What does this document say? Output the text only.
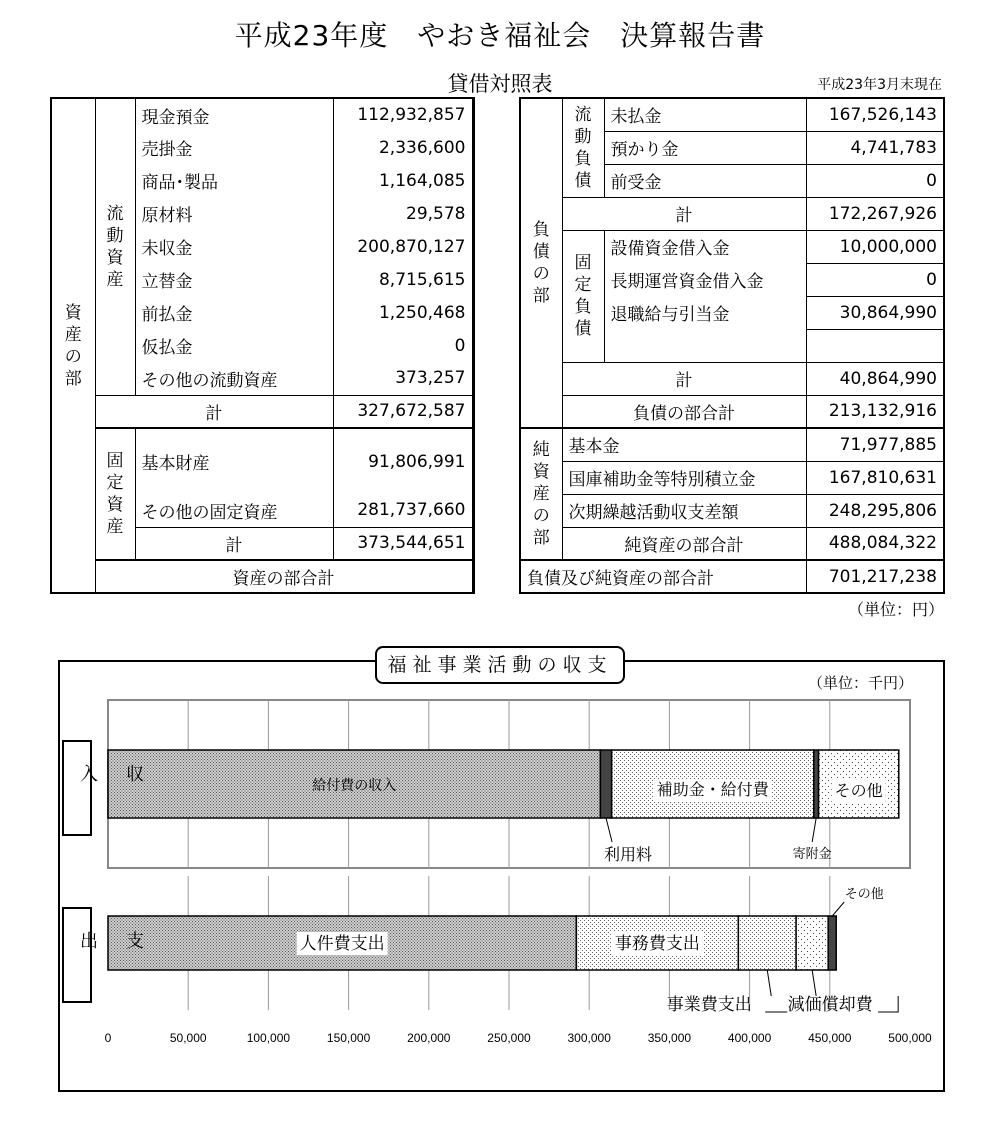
平成23年度　やおき福祉会　決算報告書
貸借対照表	平成23年3月末現在
資産の部	流動資産	現金預金	112,932,857	
		売掛金	2,336,600	
		商品･製品	1,164,085	
		原材料	29,578	
		未収金	200,870,127	
		立替金	8,715,615	
		前払金	1,250,468	
		仮払金	0	
		その他の流動資産	373,257	
	計		327,672,587	
	固定資産	基本財産	91,806,991	
		その他の固定資産	281,737,660	
		計	373,544,651	
	資産の部合計	
負債の部	流動負債	未払金	167,526,143
		預かり金	4,741,783
		前受金	0
	計		172,267,926
	固定負債	設備資金借入金	10,000,000
		長期運営資金借入金	0
		退職給与引当金	30,864,990

	計		40,864,990
	負債の部合計		213,132,916
純資産の部	基本金		71,977,885
	国庫補助金等特別積立金		167,810,631
	次期繰越活動収支差額		248,295,806
	純資産の部合計		488,084,322
負債及び純資産の部合計			701,217,238
（単位：円）
0	50,000	100,000	150,000	200,000	250,000	300,000	350,000	400,000	450,000	500,000
給付費の収入	補助金・給付費	その他
利用料	寄附金
人件費支出	事務費支出
事業費支出 減価償却費
その他
福祉事業活動の収支
（単位：千円）
収入
支出
